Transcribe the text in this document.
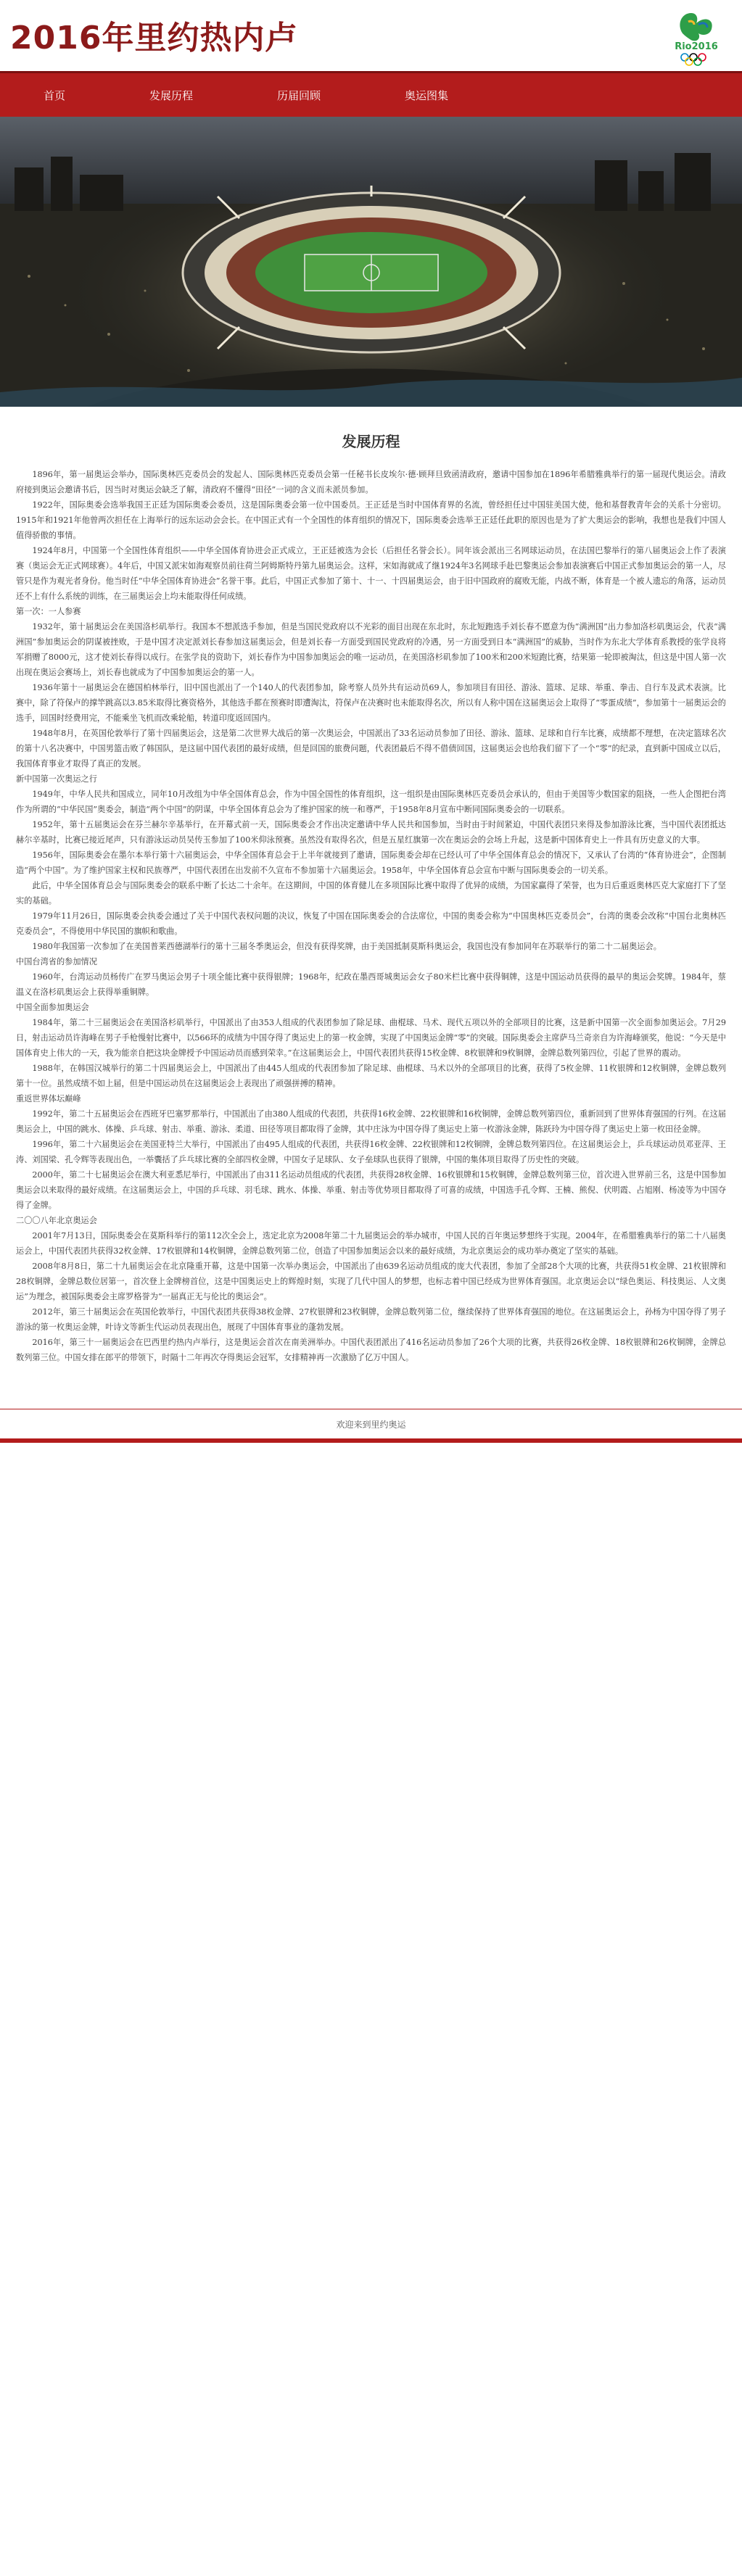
2016年里约热内卢	Rio2016
首页	发展历程	历届回顾	奥运图集
发展历程

1896年，第一届奥运会举办，国际奥林匹克委员会的发起人、国际奥林匹克委员会第一任秘书长皮埃尔·德·顾拜旦致函清政府，邀请中国参加在1896年希腊雅典举行的第一届现代奥运会。清政府接到奥运会邀请书后，因当时对奥运会缺乏了解，清政府不懂得“田径”一词的含义而未派员参加。

1922年，国际奥委会选举我国王正廷为国际奥委会委员，这是国际奥委会第一位中国委员。王正廷是当时中国体育界的名流，曾经担任过中国驻美国大使，他和基督教青年会的关系十分密切。1915年和1921年他曾两次担任在上海举行的远东运动会会长。在中国正式有一个全国性的体育组织的情况下，国际奥委会选举王正廷任此职的原因也是为了扩大奥运会的影响，我想也是我们中国人值得骄傲的事情。

1924年8月，中国第一个全国性体育组织——中华全国体育协进会正式成立，王正廷被选为会长（后担任名誉会长）。同年该会派出三名网球运动员，在法国巴黎举行的第八届奥运会上作了表演赛（奥运会无正式网球赛）。4年后，中国又派宋如海观察员前往荷兰阿姆斯特丹第九届奥运会。这样，宋如海就成了继1924年3名网球手赴巴黎奥运会参加表演赛后中国正式参加奥运会的第一人，尽管只是作为观光者身份。他当时任“中华全国体育协进会”名誉干事。此后，中国正式参加了第十、十一、十四届奥运会，由于旧中国政府的腐败无能，内战不断，体育是一个被人遗忘的角落，运动员还不上有什么系统的训练，在三届奥运会上均未能取得任何成绩。

第一次：一人参赛

1932年，第十届奥运会在美国洛杉矶举行。我国本不想派选手参加，但是当国民党政府以不光彩的面目出现在东北时，东北短跑选手刘长春不愿意为伪“满洲国”出力参加洛杉矶奥运会，代表“满洲国”参加奥运会的阴谋被挫败，于是中国才决定派刘长春参加这届奥运会，但是刘长春一方面受到国民党政府的冷遇，另一方面受到日本“满洲国”的威胁，当时作为东北大学体育系教授的张学良将军捐赠了8000元，这才使刘长春得以成行。在张学良的资助下，刘长春作为中国参加奥运会的唯一运动员，在美国洛杉矶参加了100米和200米短跑比赛，结果第一轮即被淘汰，但这是中国人第一次出现在奥运会赛场上，刘长春也就成为了中国参加奥运会的第一人。

1936年第十一届奥运会在德国柏林举行，旧中国也派出了一个140人的代表团参加，除考察人员外共有运动员69人，参加项目有田径、游泳、篮球、足球、举重、拳击、自行车及武术表演。比赛中，除了符保卢的撑竿跳高以3.85米取得比赛资格外，其他选手都在预赛时即遭淘汰，符保卢在决赛时也未能取得名次，所以有人称中国在这届奥运会上取得了“零蛋成绩”，参加第十一届奥运会的选手，回国时经费用完，不能乘坐飞机而改乘轮船，转道印度返回国内。

1948年8月，在英国伦敦举行了第十四届奥运会，这是第二次世界大战后的第一次奥运会，中国派出了33名运动员参加了田径、游泳、篮球、足球和自行车比赛，成绩都不理想，在决定篮球名次的第十八名决赛中，中国男篮击败了韩国队，是这届中国代表团的最好成绩，但是回国的旅费问题，代表团最后不得不借债回国，这届奥运会也给我们留下了一个“零”的纪录，直到新中国成立以后，我国体育事业才取得了真正的发展。

新中国第一次奥运之行

1949年，中华人民共和国成立，同年10月改组为中华全国体育总会，作为中国全国性的体育组织，这一组织是由国际奥林匹克委员会承认的，但由于美国等少数国家的阻挠，一些人企图把台湾作为所谓的“中华民国”奥委会，制造“两个中国”的阴谋，中华全国体育总会为了维护国家的统一和尊严，于1958年8月宣布中断同国际奥委会的一切联系。

1952年，第十五届奥运会在芬兰赫尔辛基举行，在开幕式前一天，国际奥委会才作出决定邀请中华人民共和国参加，当时由于时间紧迫，中国代表团只来得及参加游泳比赛，当中国代表团抵达赫尔辛基时，比赛已接近尾声，只有游泳运动员吴传玉参加了100米仰泳预赛。虽然没有取得名次，但是五星红旗第一次在奥运会的会场上升起，这是新中国体育史上一件具有历史意义的大事。

1956年，国际奥委会在墨尔本举行第十六届奥运会，中华全国体育总会于上半年就接到了邀请，国际奥委会却在已经认可了中华全国体育总会的情况下，又承认了台湾的“体育协进会”，企图制造“两个中国”。为了维护国家主权和民族尊严，中国代表团在出发前不久宣布不参加第十六届奥运会。1958年，中华全国体育总会宣布中断与国际奥委会的一切关系。

此后，中华全国体育总会与国际奥委会的联系中断了长达二十余年。在这期间，中国的体育健儿在多项国际比赛中取得了优异的成绩，为国家赢得了荣誉，也为日后重返奥林匹克大家庭打下了坚实的基础。

1979年11月26日，国际奥委会执委会通过了关于中国代表权问题的决议，恢复了中国在国际奥委会的合法席位，中国的奥委会称为“中国奥林匹克委员会”，台湾的奥委会改称“中国台北奥林匹克委员会”，不得使用中华民国的旗帜和歌曲。

1980年我国第一次参加了在美国普莱西德湖举行的第十三届冬季奥运会，但没有获得奖牌，由于美国抵制莫斯科奥运会，我国也没有参加同年在苏联举行的第二十二届奥运会。

中国台湾省的参加情况

1960年，台湾运动员杨传广在罗马奥运会男子十项全能比赛中获得银牌；1968年，纪政在墨西哥城奥运会女子80米栏比赛中获得铜牌，这是中国运动员获得的最早的奥运会奖牌。1984年，蔡温义在洛杉矶奥运会上获得举重铜牌。

中国全面参加奥运会

1984年，第二十三届奥运会在美国洛杉矶举行，中国派出了由353人组成的代表团参加了除足球、曲棍球、马术、现代五项以外的全部项目的比赛，这是新中国第一次全面参加奥运会。7月29日，射击运动员许海峰在男子手枪慢射比赛中，以566环的成绩为中国夺得了奥运史上的第一枚金牌，实现了中国奥运金牌“零”的突破。国际奥委会主席萨马兰奇亲自为许海峰颁奖，他说：“今天是中国体育史上伟大的一天，我为能亲自把这块金牌授予中国运动员而感到荣幸。”在这届奥运会上，中国代表团共获得15枚金牌、8枚银牌和9枚铜牌，金牌总数列第四位，引起了世界的震动。

1988年，在韩国汉城举行的第二十四届奥运会上，中国派出了由445人组成的代表团参加了除足球、曲棍球、马术以外的全部项目的比赛，获得了5枚金牌、11枚银牌和12枚铜牌，金牌总数列第十一位。虽然成绩不如上届，但是中国运动员在这届奥运会上表现出了顽强拼搏的精神。

重返世界体坛巅峰

1992年，第二十五届奥运会在西班牙巴塞罗那举行，中国派出了由380人组成的代表团，共获得16枚金牌、22枚银牌和16枚铜牌，金牌总数列第四位，重新回到了世界体育强国的行列。在这届奥运会上，中国的跳水、体操、乒乓球、射击、举重、游泳、柔道、田径等项目都取得了金牌，其中庄泳为中国夺得了奥运史上第一枚游泳金牌，陈跃玲为中国夺得了奥运史上第一枚田径金牌。

1996年，第二十六届奥运会在美国亚特兰大举行，中国派出了由495人组成的代表团，共获得16枚金牌、22枚银牌和12枚铜牌，金牌总数列第四位。在这届奥运会上，乒乓球运动员邓亚萍、王涛、刘国梁、孔令辉等表现出色，一举囊括了乒乓球比赛的全部四枚金牌，中国女子足球队、女子垒球队也获得了银牌，中国的集体项目取得了历史性的突破。

2000年，第二十七届奥运会在澳大利亚悉尼举行，中国派出了由311名运动员组成的代表团，共获得28枚金牌、16枚银牌和15枚铜牌，金牌总数列第三位，首次进入世界前三名，这是中国参加奥运会以来取得的最好成绩。在这届奥运会上，中国的乒乓球、羽毛球、跳水、体操、举重、射击等优势项目都取得了可喜的成绩，中国选手孔令辉、王楠、熊倪、伏明霞、占旭刚、杨凌等为中国夺得了金牌。

二〇〇八年北京奥运会

2001年7月13日，国际奥委会在莫斯科举行的第112次全会上，选定北京为2008年第二十九届奥运会的举办城市，中国人民的百年奥运梦想终于实现。2004年，在希腊雅典举行的第二十八届奥运会上，中国代表团共获得32枚金牌、17枚银牌和14枚铜牌，金牌总数列第二位，创造了中国参加奥运会以来的最好成绩，为北京奥运会的成功举办奠定了坚实的基础。

2008年8月8日，第二十九届奥运会在北京隆重开幕，这是中国第一次举办奥运会，中国派出了由639名运动员组成的庞大代表团，参加了全部28个大项的比赛，共获得51枚金牌、21枚银牌和28枚铜牌，金牌总数位居第一，首次登上金牌榜首位，这是中国奥运史上的辉煌时刻，实现了几代中国人的梦想，也标志着中国已经成为世界体育强国。北京奥运会以“绿色奥运、科技奥运、人文奥运”为理念，被国际奥委会主席罗格誉为“一届真正无与伦比的奥运会”。

2012年，第三十届奥运会在英国伦敦举行，中国代表团共获得38枚金牌、27枚银牌和23枚铜牌，金牌总数列第二位，继续保持了世界体育强国的地位。在这届奥运会上，孙杨为中国夺得了男子游泳的第一枚奥运金牌，叶诗文等新生代运动员表现出色，展现了中国体育事业的蓬勃发展。

2016年，第三十一届奥运会在巴西里约热内卢举行，这是奥运会首次在南美洲举办。中国代表团派出了416名运动员参加了26个大项的比赛，共获得26枚金牌、18枚银牌和26枚铜牌，金牌总数列第三位。中国女排在郎平的带领下，时隔十二年再次夺得奥运会冠军，女排精神再一次激励了亿万中国人。

欢迎来到里约奥运
